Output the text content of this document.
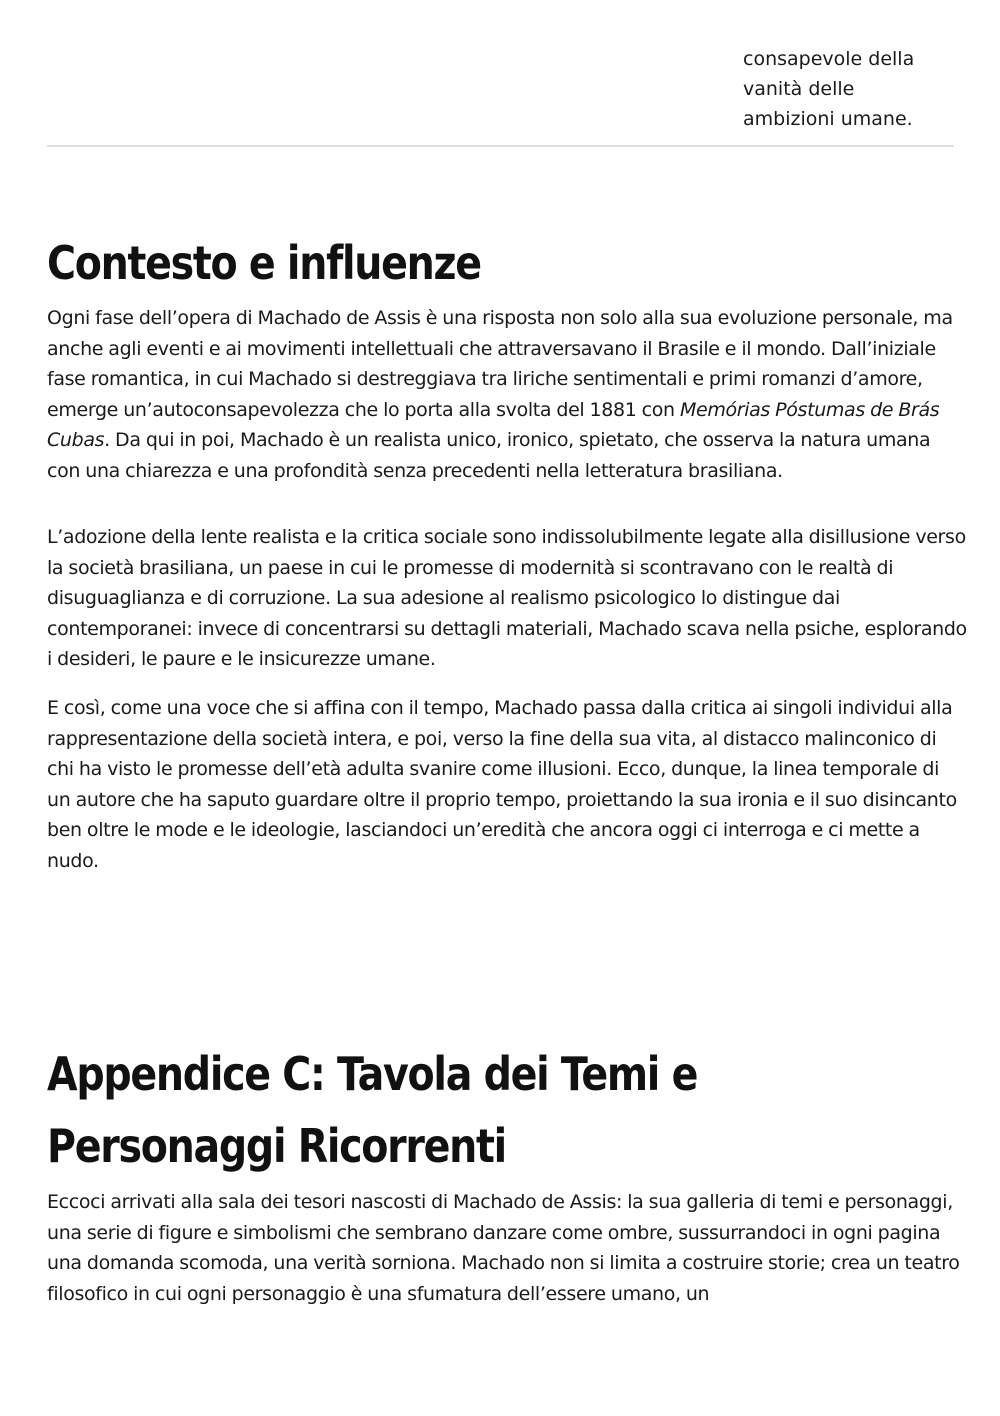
consapevole della
vanità delle
ambizioni umane.
Contesto e influenze

Ogni fase dell’opera di Machado de Assis è una risposta non solo alla sua evoluzione personale, ma anche agli eventi e ai movimenti intellettuali che attraversavano il Brasile e il mondo. Dall’iniziale fase romantica, in cui Machado si destreggiava tra liriche sentimentali e primi romanzi d’amore, emerge un’autoconsapevolezza che lo porta alla svolta del 1881 con Memórias Póstumas de Brás Cubas. Da qui in poi, Machado è un realista unico, ironico, spietato, che osserva la natura umana con una chiarezza e una profondità senza precedenti nella letteratura brasiliana.

L’adozione della lente realista e la critica sociale sono indissolubilmente legate alla disillusione verso la società brasiliana, un paese in cui le promesse di modernità si scontravano con le realtà di disuguaglianza e di corruzione. La sua adesione al realismo psicologico lo distingue dai contemporanei: invece di concentrarsi su dettagli materiali, Machado scava nella psiche, esplorando i desideri, le paure e le insicurezze umane.

E così, come una voce che si affina con il tempo, Machado passa dalla critica ai singoli individui alla rappresentazione della società intera, e poi, verso la fine della sua vita, al distacco malinconico di chi ha visto le promesse dell’età adulta svanire come illusioni. Ecco, dunque, la linea temporale di un autore che ha saputo guardare oltre il proprio tempo, proiettando la sua ironia e il suo disincanto ben oltre le mode e le ideologie, lasciandoci un’eredità che ancora oggi ci interroga e ci mette a nudo.

Appendice C: Tavola dei Temi e
Personaggi Ricorrenti

Eccoci arrivati alla sala dei tesori nascosti di Machado de Assis: la sua galleria di temi e personaggi, una serie di figure e simbolismi che sembrano danzare come ombre, sussurrandoci in ogni pagina una domanda scomoda, una verità sorniona. Machado non si limita a costruire storie; crea un teatro filosofico in cui ogni personaggio è una sfumatura dell’essere umano, un
